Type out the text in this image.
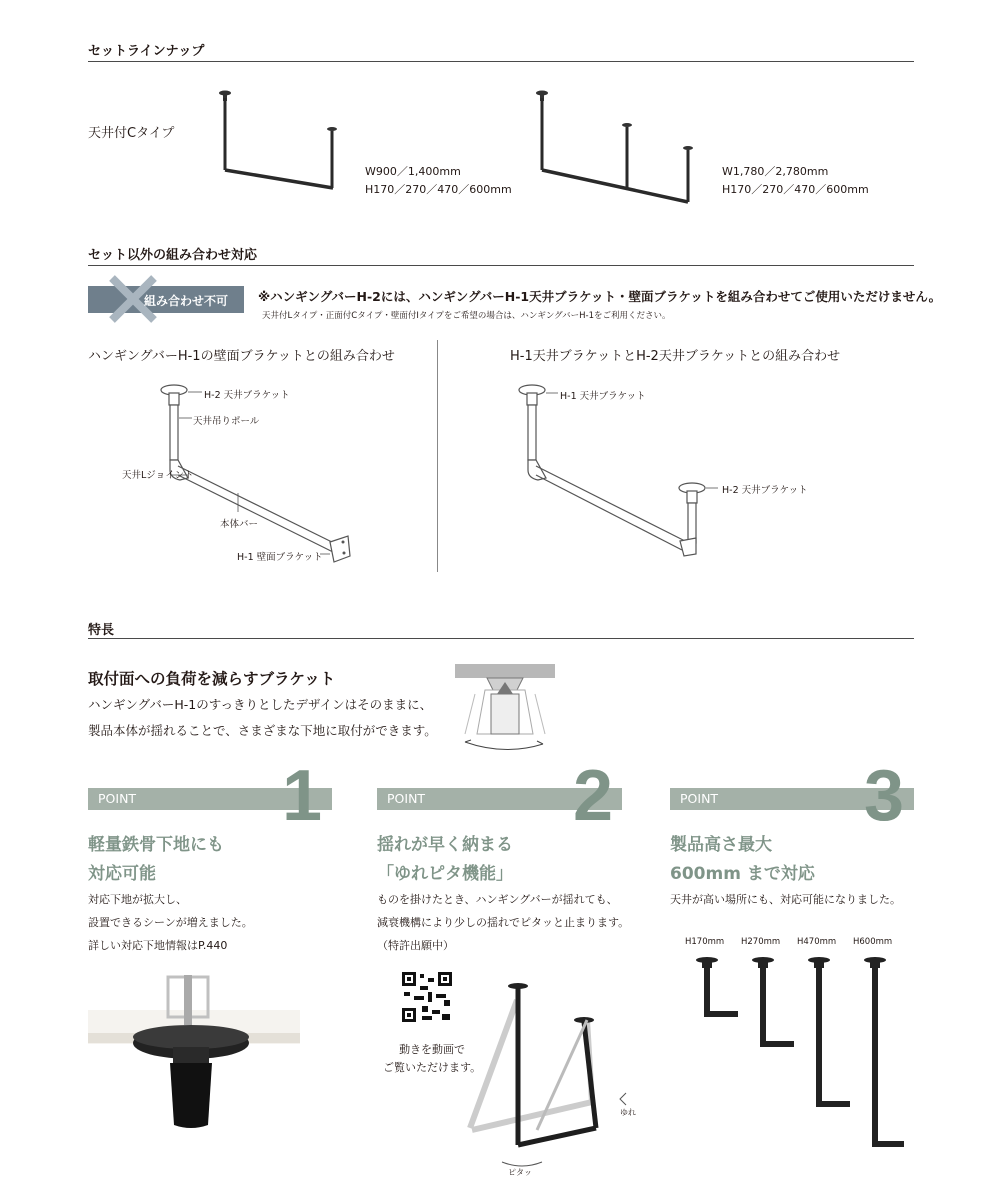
セットラインナップ
天井付Cタイプ
W900／1,400mm
H170／270／470／600mm
W1,780／2,780mm
H170／270／470／600mm
セット以外の組み合わせ対応
組み合わせ不可 ※ハンギングバーH-2には、ハンギングバーH-1天井ブラケット・壁面ブラケットを組み合わせてご使用いただけません。
天井付Lタイプ・正面付Cタイプ・壁面付Iタイプをご希望の場合は、ハンギングバーH-1をご利用ください。
ハンギングバーH-1の壁面ブラケットとの組み合わせ	H-1天井ブラケットとH-2天井ブラケットとの組み合わせ
H-2 天井ブラケット
天井吊りポール
天井Lジョイント
本体バー
H-1 壁面ブラケット
H-1 天井ブラケット
H-2 天井ブラケット
特長
取付面への負荷を減らすブラケット
ハンギングバーH-1のすっきりとしたデザインはそのままに、
製品本体が揺れることで、さまざまな下地に取付ができます。
POINT	1
軽量鉄骨下地にも
対応可能
対応下地が拡大し、
設置できるシーンが増えました。
詳しい対応下地情報はP.440
POINT	2
揺れが早く納まる
「ゆれピタ機能」
ものを掛けたとき、ハンギングバーが揺れても、
減衰機構により少しの揺れでピタッと止まります。
（特許出願中）
動きを動画で
ご覧いただけます。
ゆれ
ピタッ
POINT	3
製品高さ最大
600mm まで対応
天井が高い場所にも、対応可能になりました。
H170mm H270mm H470mm H600mm
